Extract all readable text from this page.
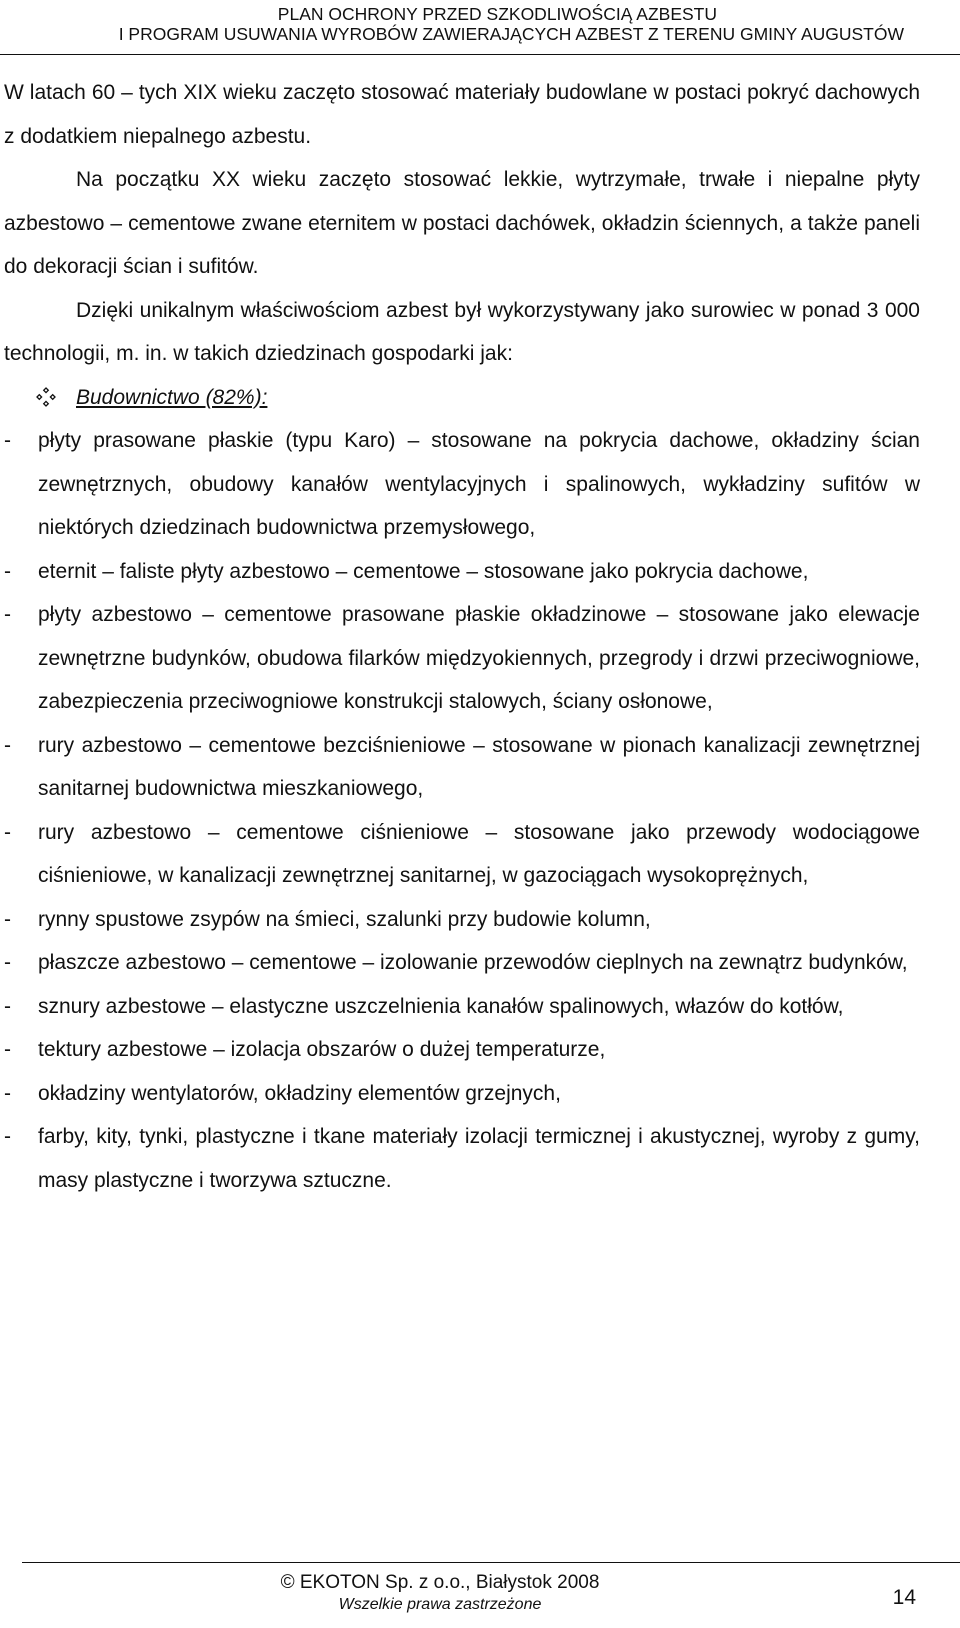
PLAN OCHRONY PRZED SZKODLIWOŚCIĄ AZBESTU
I PROGRAM USUWANIA WYROBÓW ZAWIERAJĄCYCH AZBEST Z TERENU GMINY AUGUSTÓW

W latach 60 – tych XIX wieku zaczęto stosować materiały budowlane w postaci pokryć dachowych z dodatkiem niepalnego azbestu.

Na początku XX wieku zaczęto stosować lekkie, wytrzymałe, trwałe i niepalne płyty azbestowo – cementowe zwane eternitem w postaci dachówek, okładzin ściennych, a także paneli do dekoracji ścian i sufitów.

Dzięki unikalnym właściwościom azbest był wykorzystywany jako surowiec w ponad 3 000 technologii, m. in. w takich dziedzinach gospodarki jak:

Budownictwo (82%):
- płyty prasowane płaskie (typu Karo) – stosowane na pokrycia dachowe, okładziny ścian zewnętrznych, obudowy kanałów wentylacyjnych i spalinowych, wykładziny sufitów w niektórych dziedzinach budownictwa przemysłowego,
- eternit – faliste płyty azbestowo – cementowe – stosowane jako pokrycia dachowe,
- płyty azbestowo – cementowe prasowane płaskie okładzinowe – stosowane jako elewacje zewnętrzne budynków, obudowa filarków międzyokiennych, przegrody i drzwi przeciwogniowe, zabezpieczenia przeciwogniowe konstrukcji stalowych, ściany osłonowe,
- rury azbestowo – cementowe bezciśnieniowe – stosowane w pionach kanalizacji zewnętrznej sanitarnej budownictwa mieszkaniowego,
- rury azbestowo – cementowe ciśnieniowe – stosowane jako przewody wodociągowe ciśnieniowe, w kanalizacji zewnętrznej sanitarnej, w gazociągach wysokoprężnych,
- rynny spustowe zsypów na śmieci, szalunki przy budowie kolumn,
- płaszcze azbestowo – cementowe – izolowanie przewodów cieplnych na zewnątrz budynków,
- sznury azbestowe – elastyczne uszczelnienia kanałów spalinowych, włazów do kotłów,
- tektury azbestowe – izolacja obszarów o dużej temperaturze,
- okładziny wentylatorów, okładziny elementów grzejnych,
- farby, kity, tynki, plastyczne i tkane materiały izolacji termicznej i akustycznej, wyroby z gumy, masy plastyczne i tworzywa sztuczne.
© EKOTON Sp. z o.o., Białystok 2008
Wszelkie prawa zastrzeżone	14
